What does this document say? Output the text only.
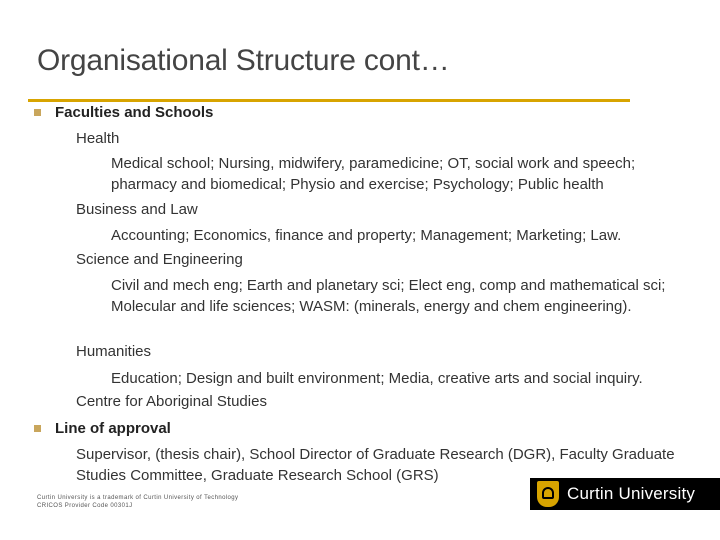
Organisational Structure cont…
Faculties and Schools
Health
Medical school; Nursing, midwifery, paramedicine; OT, social work and speech; pharmacy and biomedical; Physio and exercise; Psychology; Public health
Business and Law
Accounting; Economics, finance and property; Management; Marketing; Law.
Science and Engineering
Civil and mech eng; Earth and planetary sci; Elect eng, comp and mathematical sci; Molecular and life sciences; WASM: (minerals, energy and chem engineering).
Humanities
Education; Design and built environment; Media, creative arts and social inquiry.
Centre for Aboriginal Studies
Line of approval
Supervisor, (thesis chair), School Director of Graduate Research (DGR), Faculty Graduate Studies Committee, Graduate Research School (GRS)
Curtin University is a trademark of Curtin University of Technology
CRICOS Provider Code 00301J
Curtin University
